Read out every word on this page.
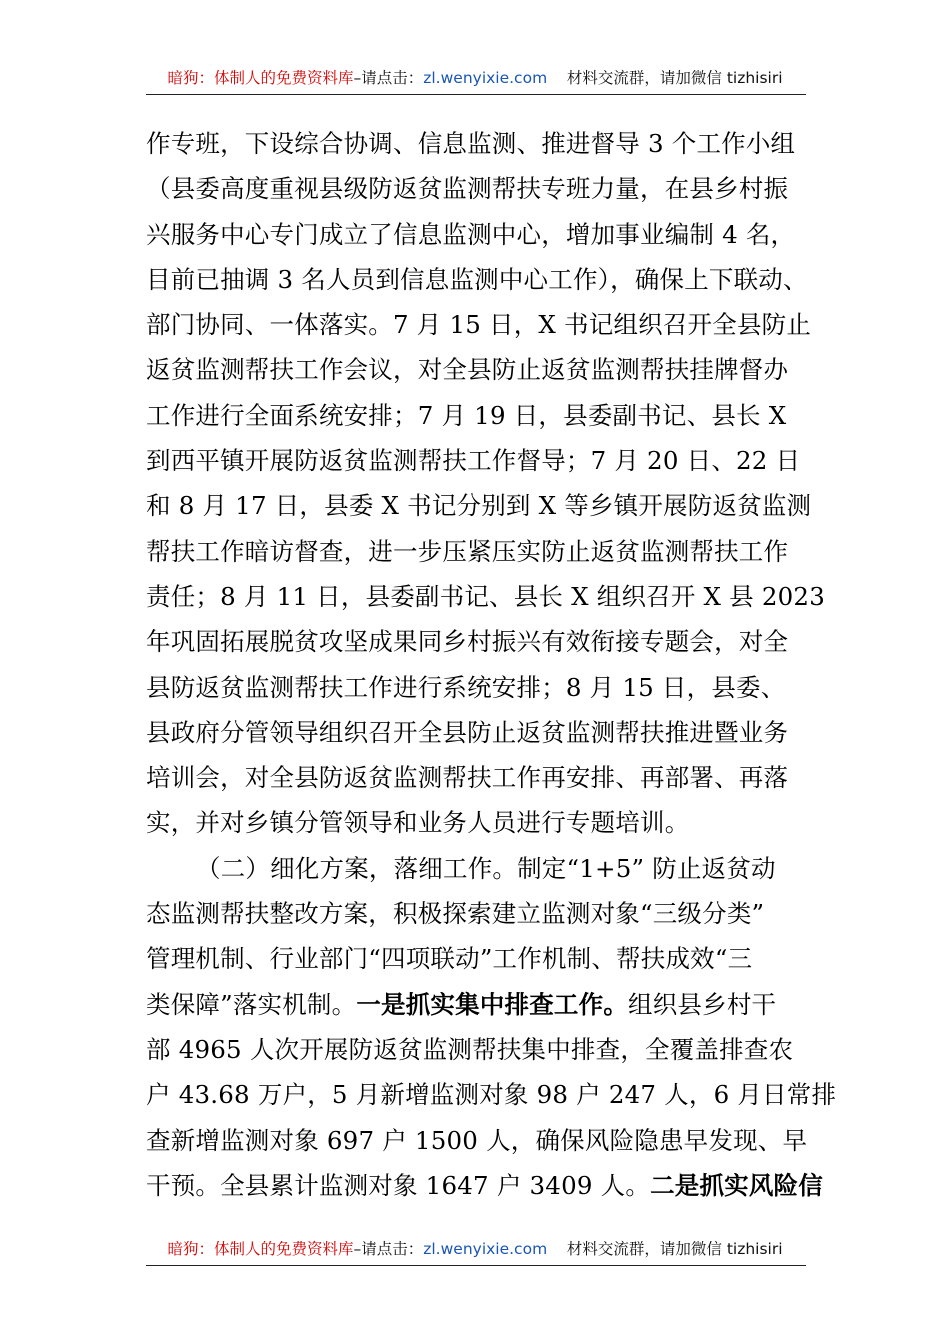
暗狗：体制人的免费资料库–请点击：zl.wenyixie.com 材料交流群，请加微信 tizhisiri
作专班，下设综合协调、信息监测、推进督导 3 个工作小组
（县委高度重视县级防返贫监测帮扶专班力量，在县乡村振
兴服务中心专门成立了信息监测中心，增加事业编制 4 名，
目前已抽调 3 名人员到信息监测中心工作），确保上下联动、
部门协同、一体落实。7 月 15 日，X 书记组织召开全县防止
返贫监测帮扶工作会议，对全县防止返贫监测帮扶挂牌督办
工作进行全面系统安排；7 月 19 日，县委副书记、县长 X
到西平镇开展防返贫监测帮扶工作督导；7 月 20 日、22 日
和 8 月 17 日，县委 X 书记分别到 X 等乡镇开展防返贫监测
帮扶工作暗访督查，进一步压紧压实防止返贫监测帮扶工作
责任；8 月 11 日，县委副书记、县长 X 组织召开 X 县 2023
年巩固拓展脱贫攻坚成果同乡村振兴有效衔接专题会，对全
县防返贫监测帮扶工作进行系统安排；8 月 15 日，县委、
县政府分管领导组织召开全县防止返贫监测帮扶推进暨业务
培训会，对全县防返贫监测帮扶工作再安排、再部署、再落
实，并对乡镇分管领导和业务人员进行专题培训。
（二）细化方案，落细工作。制定“1+5” 防止返贫动
态监测帮扶整改方案，积极探索建立监测对象“三级分类”
管理机制、行业部门“四项联动”工作机制、帮扶成效“三
类保障”落实机制。一是抓实集中排查工作。组织县乡村干
部 4965 人次开展防返贫监测帮扶集中排查，全覆盖排查农
户 43.68 万户，5 月新增监测对象 98 户 247 人，6 月日常排
查新增监测对象 697 户 1500 人，确保风险隐患早发现、早
干预。全县累计监测对象 1647 户 3409 人。二是抓实风险信
暗狗：体制人的免费资料库–请点击：zl.wenyixie.com 材料交流群，请加微信 tizhisiri
